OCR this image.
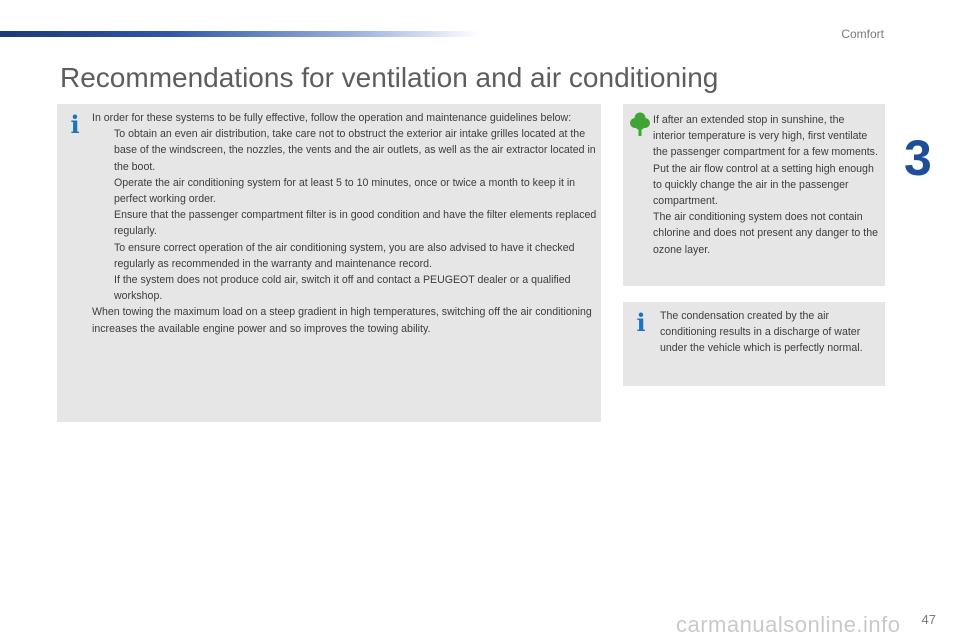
Comfort
3
Recommendations for ventilation and air conditioning
i In order for these systems to be fully effective, follow the operation and maintenance guidelines below:

To obtain an even air distribution, take care not to obstruct the exterior air intake grilles located at the base of the windscreen, the nozzles, the vents and the air outlets, as well as the air extractor located in the boot.
Operate the air conditioning system for at least 5 to 10 minutes, once or twice a month to keep it in perfect working order.
Ensure that the passenger compartment filter is in good condition and have the filter elements replaced regularly.
To ensure correct operation of the air conditioning system, you are also advised to have it checked regularly as recommended in the warranty and maintenance record.
If the system does not produce cold air, switch it off and contact a PEUGEOT dealer or a qualified workshop.

When towing the maximum load on a steep gradient in high temperatures, switching off the air conditioning increases the available engine power and so improves the towing ability.

If after an extended stop in sunshine, the interior temperature is very high, first ventilate the passenger compartment for a few moments.

Put the air flow control at a setting high enough to quickly change the air in the passenger compartment.

The air conditioning system does not contain chlorine and does not present any danger to the ozone layer.

i The condensation created by the air conditioning results in a discharge of water under the vehicle which is perfectly normal.
carmanualsonline.info 47
